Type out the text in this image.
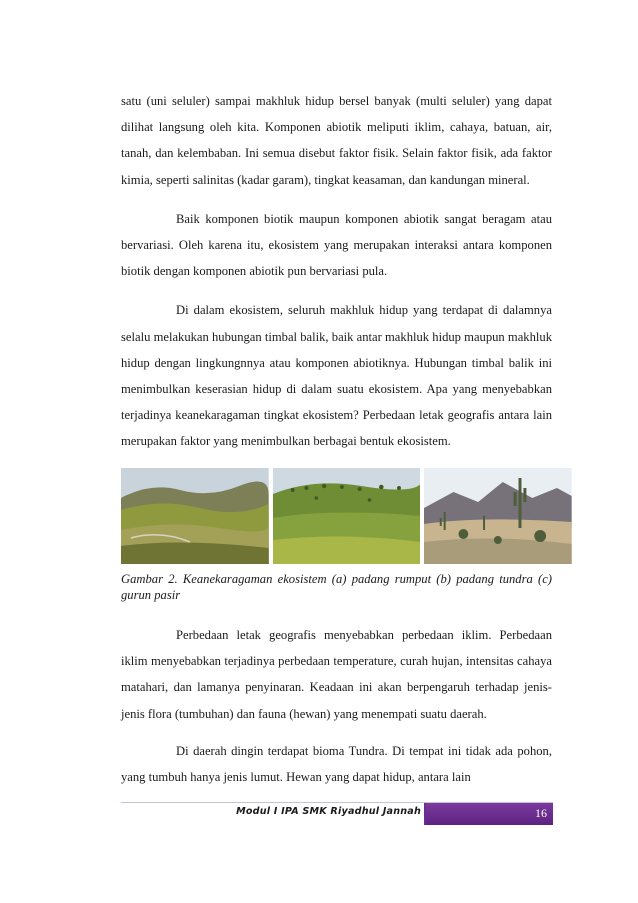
satu (uni seluler) sampai makhluk hidup bersel banyak (multi seluler) yang dapat dilihat langsung oleh kita. Komponen abiotik meliputi iklim, cahaya, batuan, air, tanah, dan kelembaban. Ini semua disebut faktor fisik. Selain faktor fisik, ada faktor kimia, seperti salinitas (kadar garam), tingkat keasaman, dan kandungan mineral.

Baik komponen biotik maupun komponen abiotik sangat beragam atau bervariasi. Oleh karena itu, ekosistem yang merupakan interaksi antara komponen biotik dengan komponen abiotik pun bervariasi pula.

Di dalam ekosistem, seluruh makhluk hidup yang terdapat di dalamnya selalu melakukan hubungan timbal balik, baik antar makhluk hidup maupun makhluk hidup dengan lingkungnnya atau komponen abiotiknya. Hubungan timbal balik ini menimbulkan keserasian hidup di dalam suatu ekosistem. Apa yang menyebabkan terjadinya keanekaragaman tingkat ekosistem? Perbedaan letak geografis antara lain merupakan faktor yang menimbulkan berbagai bentuk ekosistem.

Gambar 2. Keanekaragaman ekosistem (a) padang rumput (b) padang tundra (c) gurun pasir

Perbedaan letak geografis menyebabkan perbedaan iklim. Perbedaan iklim menyebabkan terjadinya perbedaan temperature, curah hujan, intensitas cahaya matahari, dan lamanya penyinaran. Keadaan ini akan berpengaruh terhadap jenis-jenis flora (tumbuhan) dan fauna (hewan) yang menempati suatu daerah.

Di daerah dingin terdapat bioma Tundra. Di tempat ini tidak ada pohon, yang tumbuh hanya jenis lumut. Hewan yang dapat hidup, antara lain

Modul I IPA SMK Riyadhul Jannah	16
